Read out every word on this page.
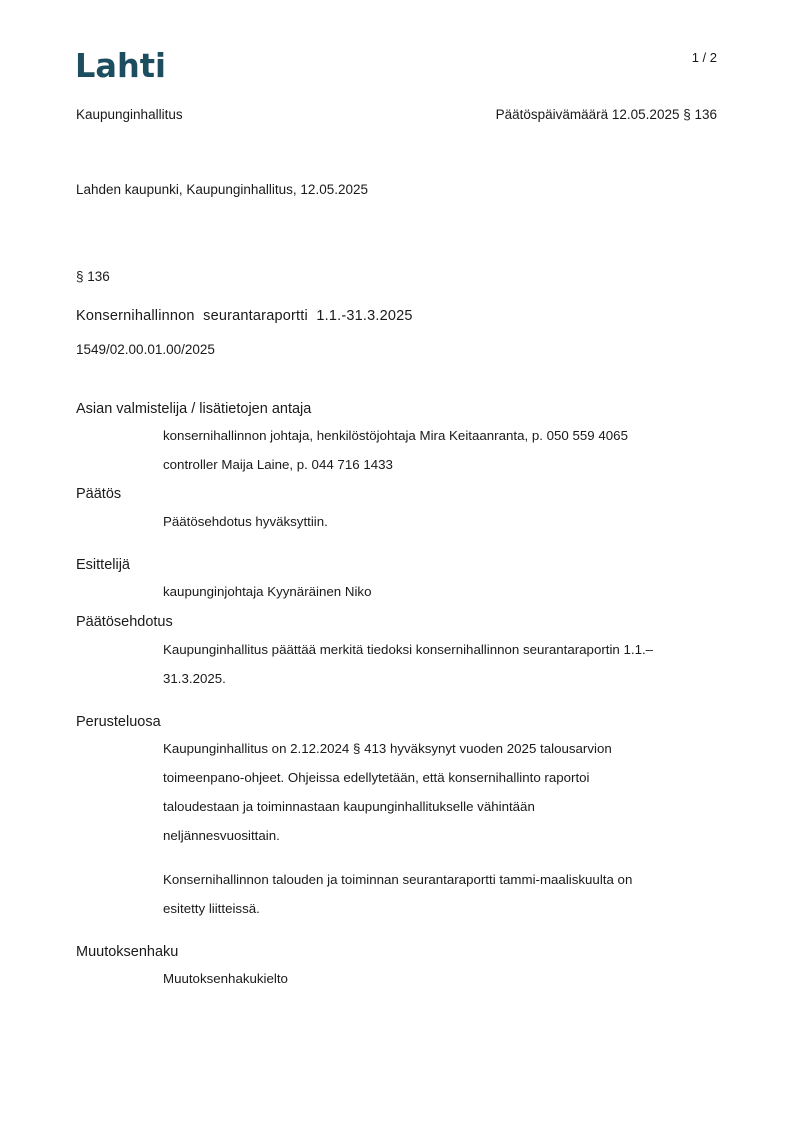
Lahti	1 / 2
Kaupunginhallitus	Päätöspäivämäärä 12.05.2025 § 136
Lahden kaupunki, Kaupunginhallitus, 12.05.2025
§ 136
Konsernihallinnon  seurantaraportti  1.1.-31.3.2025
1549/02.00.01.00/2025
Asian valmistelija / lisätietojen antaja
konsernihallinnon johtaja, henkilöstöjohtaja Mira Keitaanranta, p. 050 559 4065
controller Maija Laine, p. 044 716 1433
Päätös
Päätösehdotus hyväksyttiin.
Esittelijä
kaupunginjohtaja Kyynäräinen Niko
Päätösehdotus
Kaupunginhallitus päättää merkitä tiedoksi konsernihallinnon seurantaraportin 1.1.–
31.3.2025.
Perusteluosa
Kaupunginhallitus on 2.12.2024 § 413 hyväksynyt vuoden 2025 talousarvion
toimeenpano-ohjeet. Ohjeissa edellytetään, että konsernihallinto raportoi
taloudestaan ja toiminnastaan kaupunginhallitukselle vähintään
neljännesvuosittain.
Konsernihallinnon talouden ja toiminnan seurantaraportti tammi-maaliskuulta on
esitetty liitteissä.
Muutoksenhaku
Muutoksenhakukielto
